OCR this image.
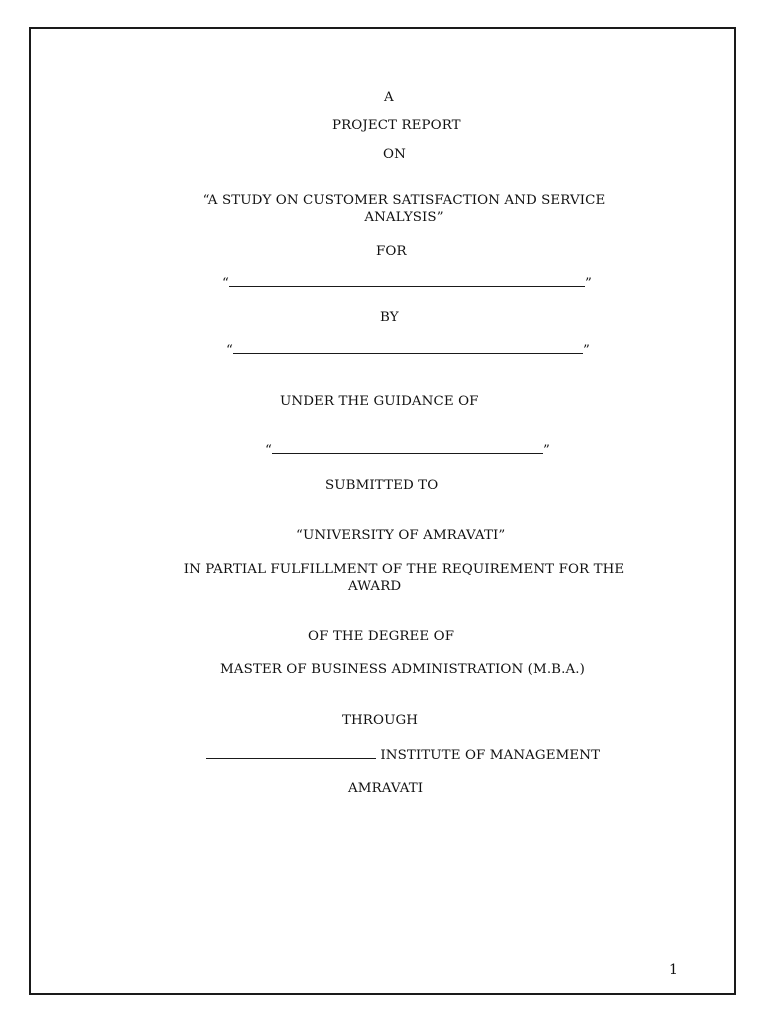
A
PROJECT REPORT
ON
“A STUDY ON CUSTOMER SATISFACTION AND SERVICE
ANALYSIS”
FOR
“	”
BY
“	”
UNDER THE GUIDANCE OF
“	”
SUBMITTED TO
“UNIVERSITY OF AMRAVATI”
IN PARTIAL FULFILLMENT OF THE REQUIREMENT FOR THE
AWARD
OF THE DEGREE OF
MASTER OF BUSINESS ADMINISTRATION (M.B.A.)
THROUGH
INSTITUTE OF MANAGEMENT
AMRAVATI
1
